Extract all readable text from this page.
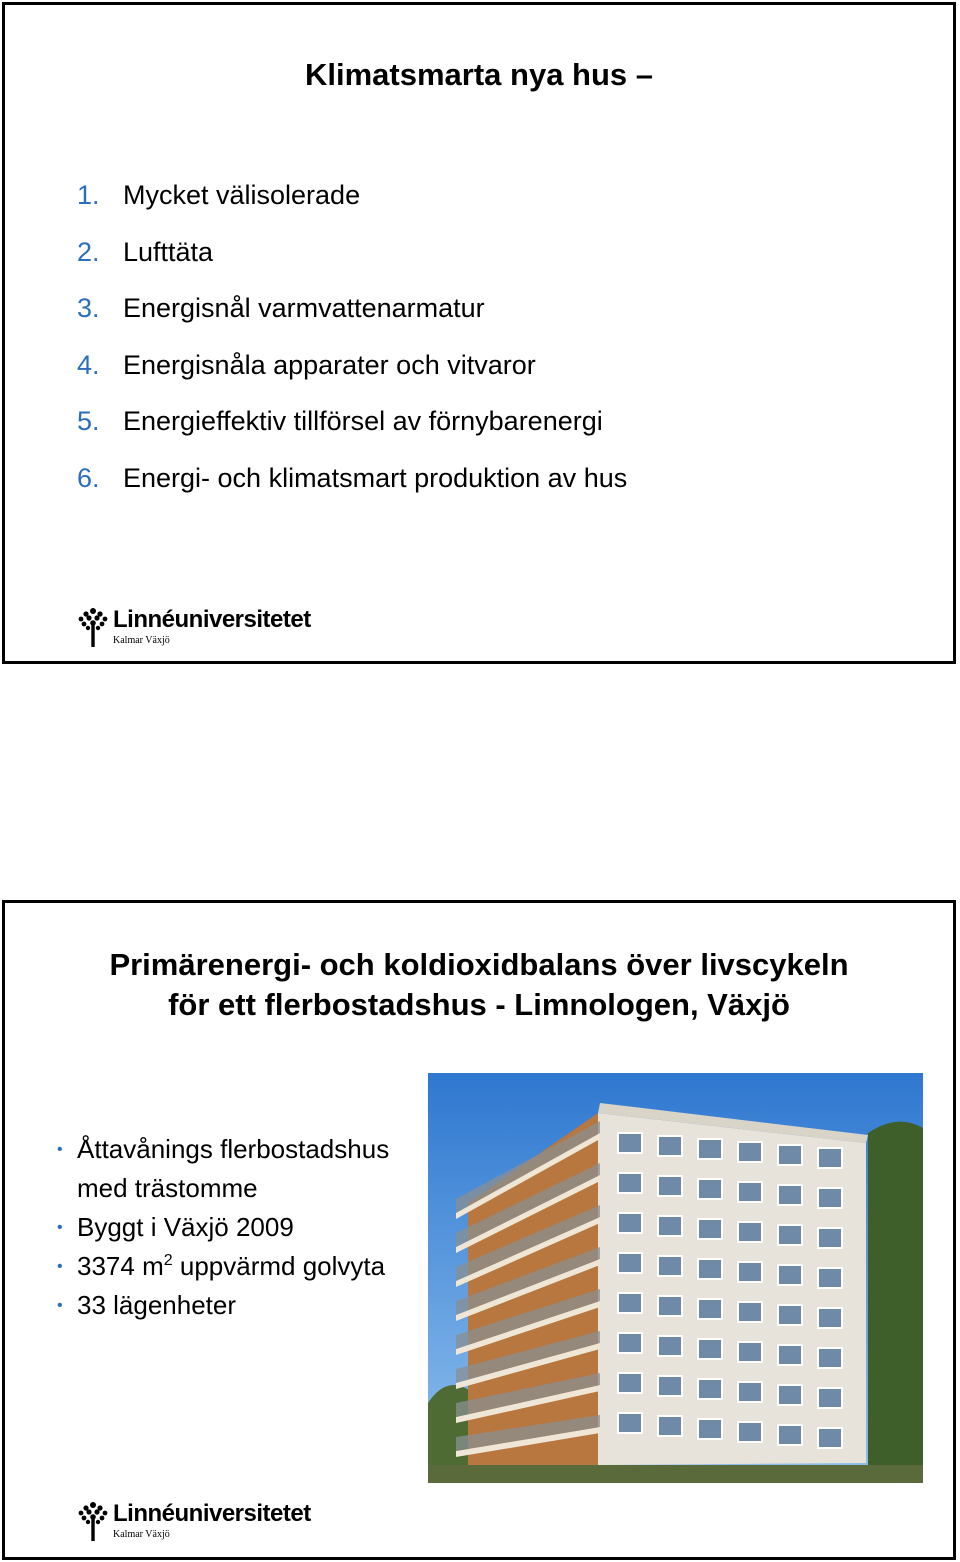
Klimatsmarta nya hus –
1. Mycket välisolerade
2. Lufttäta
3. Energisnål varmvattenarmatur
4. Energisnåla apparater och vitvaror
5. Energieffektiv tillförsel av förnybarenergi
6. Energi- och klimatsmart produktion av hus
Linnéuniversitetet
Kalmar Växjö
Primärenergi- och koldioxidbalans över livscykeln
för ett flerbostadshus - Limnologen, Växjö
• Åttavånings flerbostadshus
med trästomme
• Byggt i Växjö 2009
• 3374 $m^2$ uppvärmd golvyta
• 33 lägenheter
Linnéuniversitetet
Kalmar Växjö
